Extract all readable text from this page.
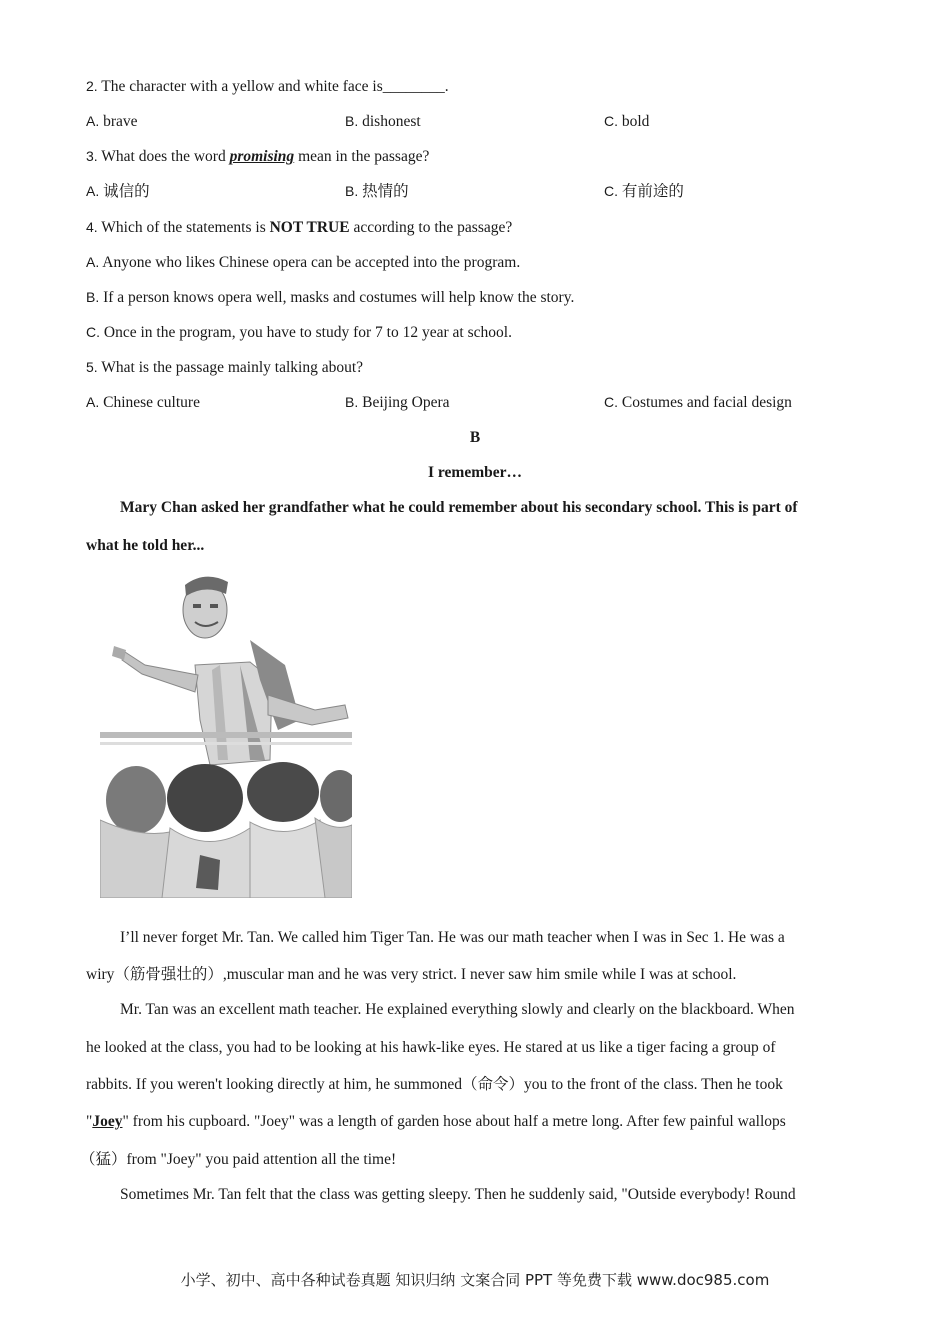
2. The character with a yellow and white face is________.
A. brave	B. dishonest	C. bold
3. What does the word promising mean in the passage?
A. 诚信的	B. 热情的	C. 有前途的
4. Which of the statements is NOT TRUE according to the passage?
A. Anyone who likes Chinese opera can be accepted into the program.
B. If a person knows opera well, masks and costumes will help know the story.
C. Once in the program, you have to study for 7 to 12 year at school.
5. What is the passage mainly talking about?
A. Chinese culture	B. Beijing Opera	C. Costumes and facial design
B
I remember…
Mary Chan asked her grandfather what he could remember about his secondary school. This is part of
what he told her...
I’ll never forget Mr. Tan. We called him Tiger Tan. He was our math teacher when I was in Sec 1. He was a
wiry（筋骨强壮的）,muscular man and he was very strict. I never saw him smile while I was at school.
Mr. Tan was an excellent math teacher. He explained everything slowly and clearly on the blackboard. When
he looked at the class, you had to be looking at his hawk-like eyes. He stared at us like a tiger facing a group of
rabbits. If you weren't looking directly at him, he summoned（命令）you to the front of the class. Then he took
"Joey" from his cupboard. "Joey" was a length of garden hose about half a metre long. After few painful wallops
（猛）from "Joey" you paid attention all the time!
Sometimes Mr. Tan felt that the class was getting sleepy. Then he suddenly said, "Outside everybody! Round
小学、初中、高中各种试卷真题 知识归纳 文案合同 PPT 等免费下载 www.doc985.com
